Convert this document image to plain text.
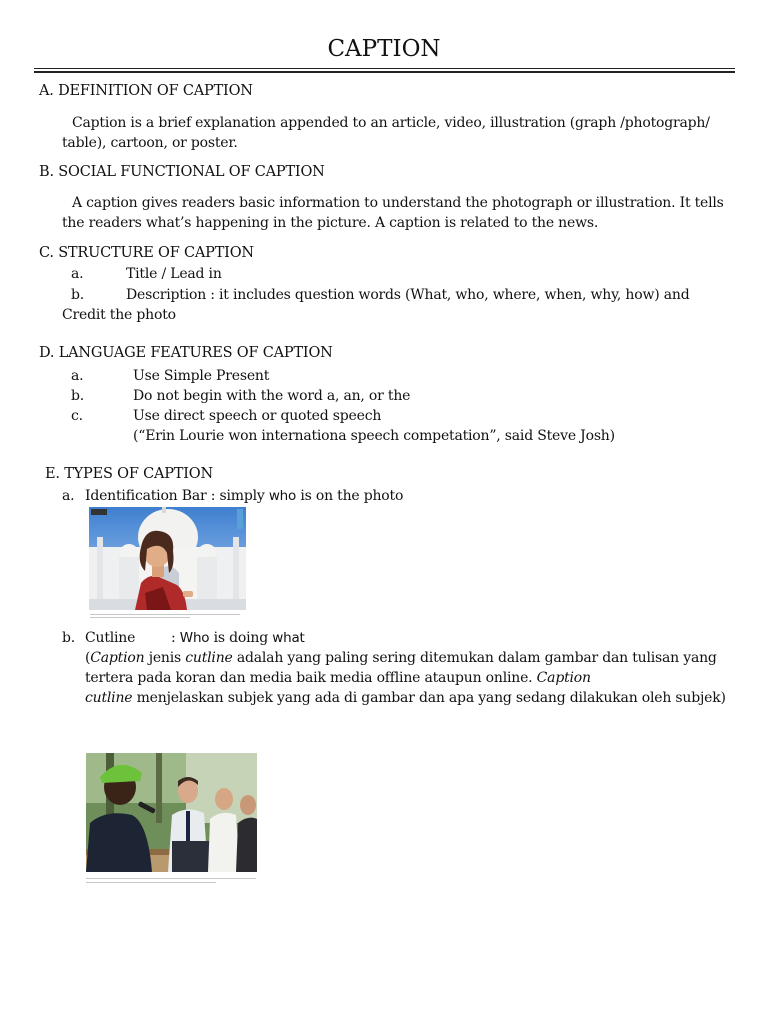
CAPTION
A. DEFINITION OF CAPTION
Caption is a brief explanation appended to an article, video, illustration (graph /photograph/ table), cartoon, or poster.
B. SOCIAL FUNCTIONAL OF CAPTION
A caption gives readers basic information to understand the photograph or illustration. It tells the readers what’s happening in the picture. A caption is related to the news.
C. STRUCTURE OF CAPTION
a.	Title / Lead in
b.	Description : it includes question words (What, who, where, when, why, how) and
Credit the photo
D. LANGUAGE FEATURES OF CAPTION
a.	Use Simple Present
b.	Do not begin with the word a, an, or the
c.	Use direct speech or quoted speech
(“Erin Lourie won internationa speech competation”, said Steve Josh)
E. TYPES OF CAPTION
a. Identification Bar : simply who is on the photo
b. Cutline	: Who is doing what
(Caption jenis cutline adalah yang paling sering ditemukan dalam gambar dan tulisan yang
tertera pada koran dan media baik media offline ataupun online. Caption
cutline menjelaskan subjek yang ada di gambar dan apa yang sedang dilakukan oleh subjek)
